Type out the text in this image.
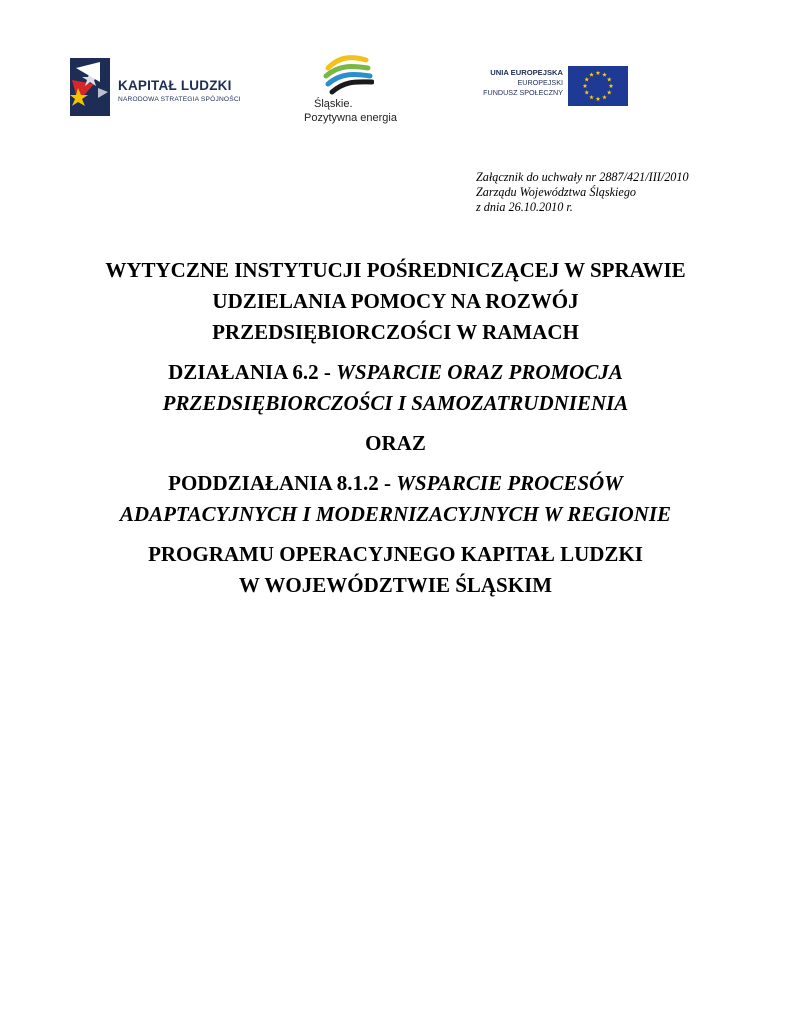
KAPITAŁ LUDZKI
NARODOWA STRATEGIA SPÓJNOŚCI	Śląskie.
Pozytywna energia
UNIA EUROPEJSKA
EUROPEJSKI
FUNDUSZ SPOŁECZNY
Załącznik do uchwały nr 2887/421/III/2010
Zarządu Województwa Śląskiego
z dnia 26.10.2010 r.
WYTYCZNE INSTYTUCJI POŚREDNICZĄCEJ W SPRAWIE
UDZIELANIA POMOCY NA ROZWÓJ
PRZEDSIĘBIORCZOŚCI W RAMACH
DZIAŁANIA 6.2 - WSPARCIE ORAZ PROMOCJA
PRZEDSIĘBIORCZOŚCI I SAMOZATRUDNIENIA
ORAZ
PODDZIAŁANIA 8.1.2 - WSPARCIE PROCESÓW
ADAPTACYJNYCH I MODERNIZACYJNYCH W REGIONIE
PROGRAMU OPERACYJNEGO KAPITAŁ LUDZKI
W WOJEWÓDZTWIE ŚLĄSKIM
